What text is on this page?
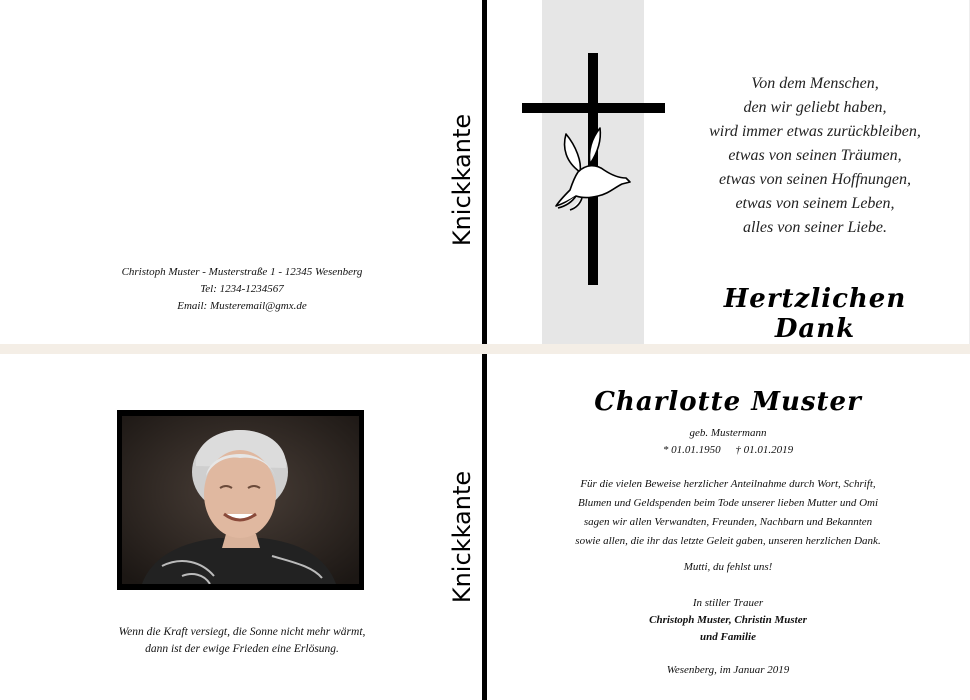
Knickkante
Christoph Muster - Musterstraße 1 - 12345 Wesenberg
Tel: 1234-1234567
Email: Musteremail@gmx.de
Von dem Menschen,
den wir geliebt haben,
wird immer etwas zurückbleiben,
etwas von seinen Träumen,
etwas von seinen Hoffnungen,
etwas von seinem Leben,
alles von seiner Liebe.
Hertzlichen Dank
Knickkante
Wenn die Kraft versiegt, die Sonne nicht mehr wärmt,
dann ist der ewige Frieden eine Erlösung.
Charlotte Muster
geb. Mustermann
* 01.01.1950 † 01.01.2019
Für die vielen Beweise herzlicher Anteilnahme durch Wort, Schrift,
Blumen und Geldspenden beim Tode unserer lieben Mutter und Omi
sagen wir allen Verwandten, Freunden, Nachbarn und Bekannten
sowie allen, die ihr das letzte Geleit gaben, unseren herzlichen Dank.
Mutti, du fehlst uns!
In stiller Trauer
Christoph Muster, Christin Muster
und Familie
Wesenberg, im Januar 2019
